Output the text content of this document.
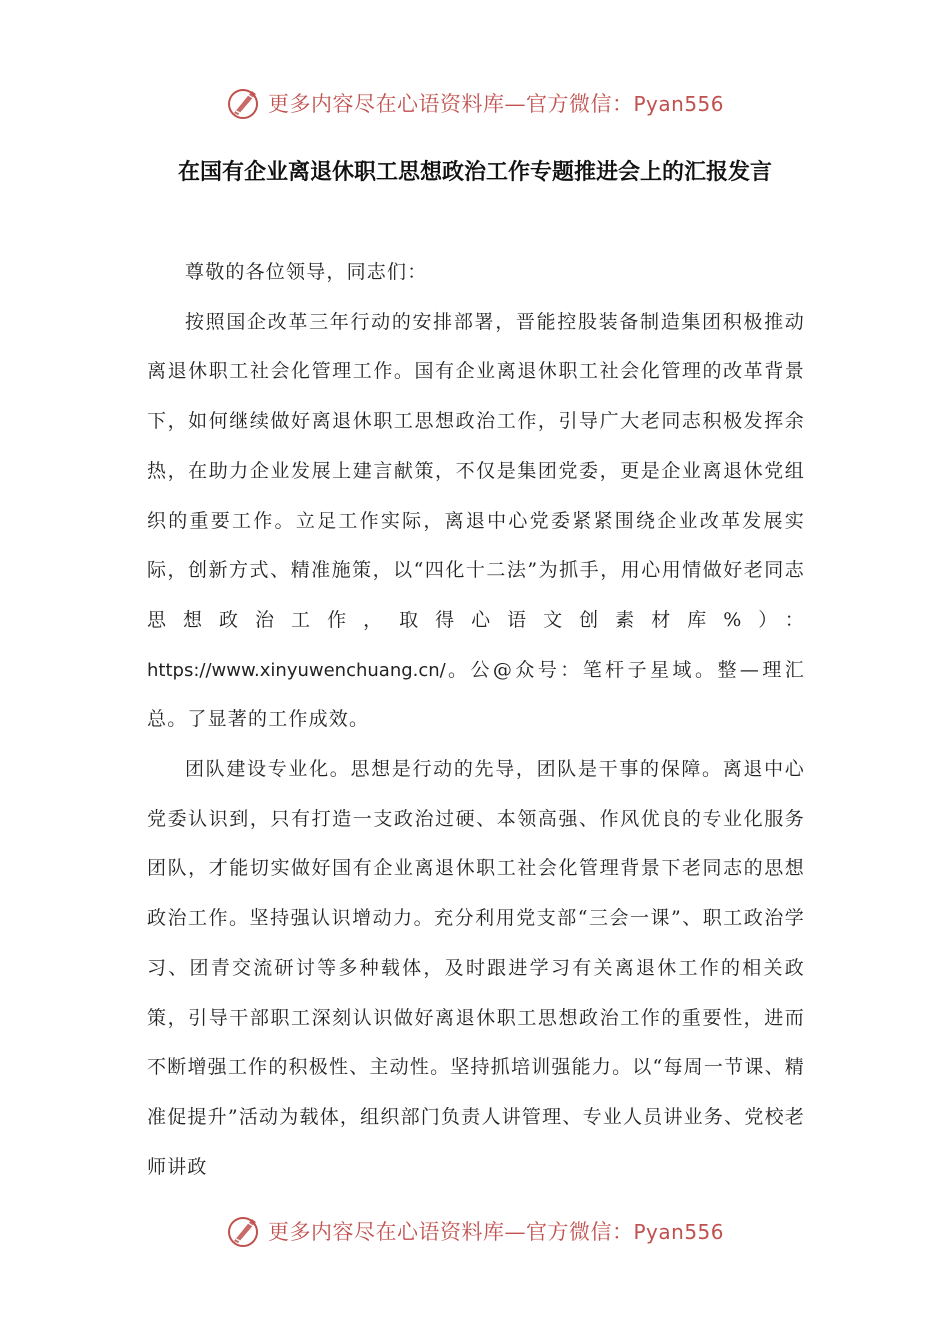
更多内容尽在心语资料库—官方微信：Pyan556
在国有企业离退休职工思想政治工作专题推进会上的汇报发言

尊敬的各位领导，同志们：

按照国企改革三年行动的安排部署，晋能控股装备制造集团积极推动离退休职工社会化管理工作。国有企业离退休职工社会化管理的改革背景下，如何继续做好离退休职工思想政治工作，引导广大老同志积极发挥余热，在助力企业发展上建言献策，不仅是集团党委，更是企业离退休党组织的重要工作。立足工作实际，离退中心党委紧紧围绕企业改革发展实际，创新方式、精准施策，以“四化十二法”为抓手，用心用情做好老同志思想政治工作，取得心语文创素材库%）：https://www.xinyuwenchuang.cn/。公@众号：笔杆子星域。整—理汇总。了显著的工作成效。

团队建设专业化。思想是行动的先导，团队是干事的保障。离退中心党委认识到，只有打造一支政治过硬、本领高强、作风优良的专业化服务团队，才能切实做好国有企业离退休职工社会化管理背景下老同志的思想政治工作。坚持强认识增动力。充分利用党支部“三会一课”、职工政治学习、团青交流研讨等多种载体，及时跟进学习有关离退休工作的相关政策，引导干部职工深刻认识做好离退休职工思想政治工作的重要性，进而不断增强工作的积极性、主动性。坚持抓培训强能力。以“每周一节课、精准促提升”活动为载体，组织部门负责人讲管理、专业人员讲业务、党校老师讲政

更多内容尽在心语资料库—官方微信：Pyan556
